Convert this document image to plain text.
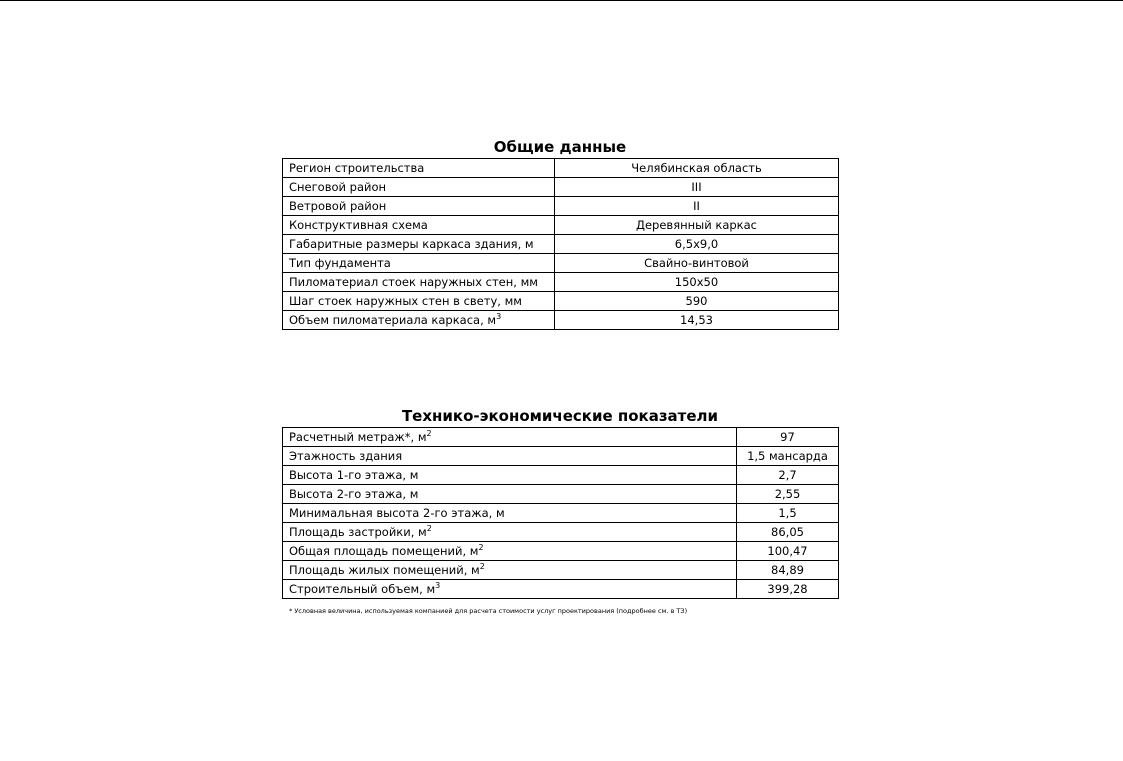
Общие данные
Регион строительства	Челябинская область
Снеговой район	III
Ветровой район	II
Конструктивная схема	Деревянный каркас
Габаритные размеры каркаса здания, м	6,5х9,0
Тип фундамента	Свайно-винтовой
Пиломатериал стоек наружных стен, мм	150х50
Шаг стоек наружных стен в свету, мм	590
Объем пиломатериала каркаса, $м^3$	14,53
Технико-экономические показатели
Расчетный метраж*, $м^2$	97
Этажность здания	1,5 мансарда
Высота 1-го этажа, м	2,7
Высота 2-го этажа, м	2,55
Минимальная высота 2-го этажа, м	1,5
Площадь застройки, $м^2$	86,05
Общая площадь помещений, $м^2$	100,47
Площадь жилых помещений, $м^2$	84,89
Строительный объем, $м^3$	399,28

* Условная величина, используемая компанией для расчета стоимости услуг проектирования (подробнее см. в ТЗ)
